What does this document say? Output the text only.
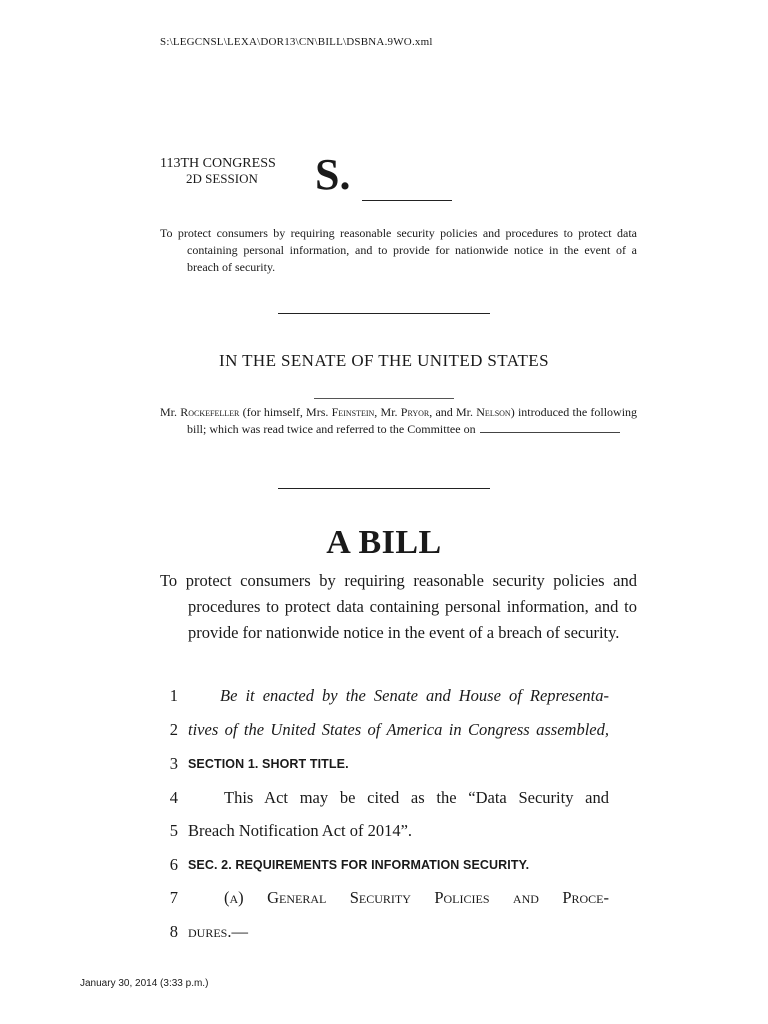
S:\LEGCNSL\LEXA\DOR13\CN\BILL\DSBNA.9WO.xml
113TH CONGRESS
2D SESSION S.
To protect consumers by requiring reasonable security policies and procedures to protect data containing personal information, and to provide for nationwide notice in the event of a breach of security.
IN THE SENATE OF THE UNITED STATES
Mr. Rockefeller (for himself, Mrs. Feinstein, Mr. Pryor, and Mr. Nelson) introduced the following bill; which was read twice and referred to the Committee on
A BILL
To protect consumers by requiring reasonable security policies and procedures to protect data containing personal information, and to provide for nationwide notice in the event of a breach of security.
1	Be it enacted by the Senate and House of Representa-
2 tives of the United States of America in Congress assembled,
3 SECTION 1. SHORT TITLE.
4	This Act may be cited as the “Data Security and
5 Breach Notification Act of 2014”.
6 SEC. 2. REQUIREMENTS FOR INFORMATION SECURITY.
7	(a) General Security Policies and Proce-
8 dures.—
January 30, 2014 (3:33 p.m.)
